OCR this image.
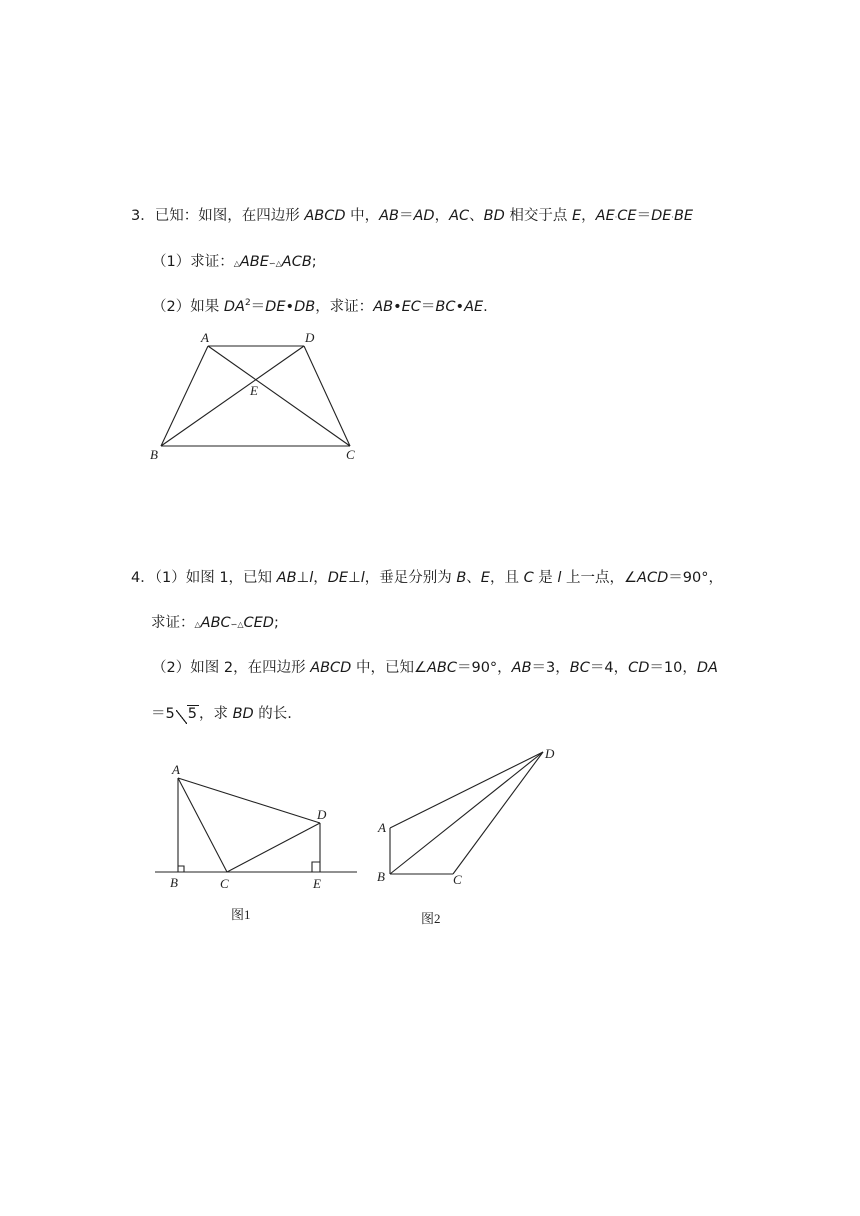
3．已知：如图，在四边形 ABCD 中，AB＝AD，AC、BD 相交于点 E，AE·CE＝DE·BE
（1）求证：△ABE∽△ACB;
（2）如果 $DA^2=DE•DB$，求证：AB•EC＝BC•AE.
4．（1）如图 1，已知 AB⊥l，DE⊥l，垂足分别为 B、E，且 C 是 l 上一点，∠ACD＝90°，
求证：△ABC∽△CED;
（2）如图 2，在四边形 ABCD 中，已知∠ABC＝90°，AB＝3，BC＝4，CD＝10，DA
＝5 5 ，求 BD 的长.
A	D
E
B	C
A
B	C
D
E
图1
A
B	C
D
图2
